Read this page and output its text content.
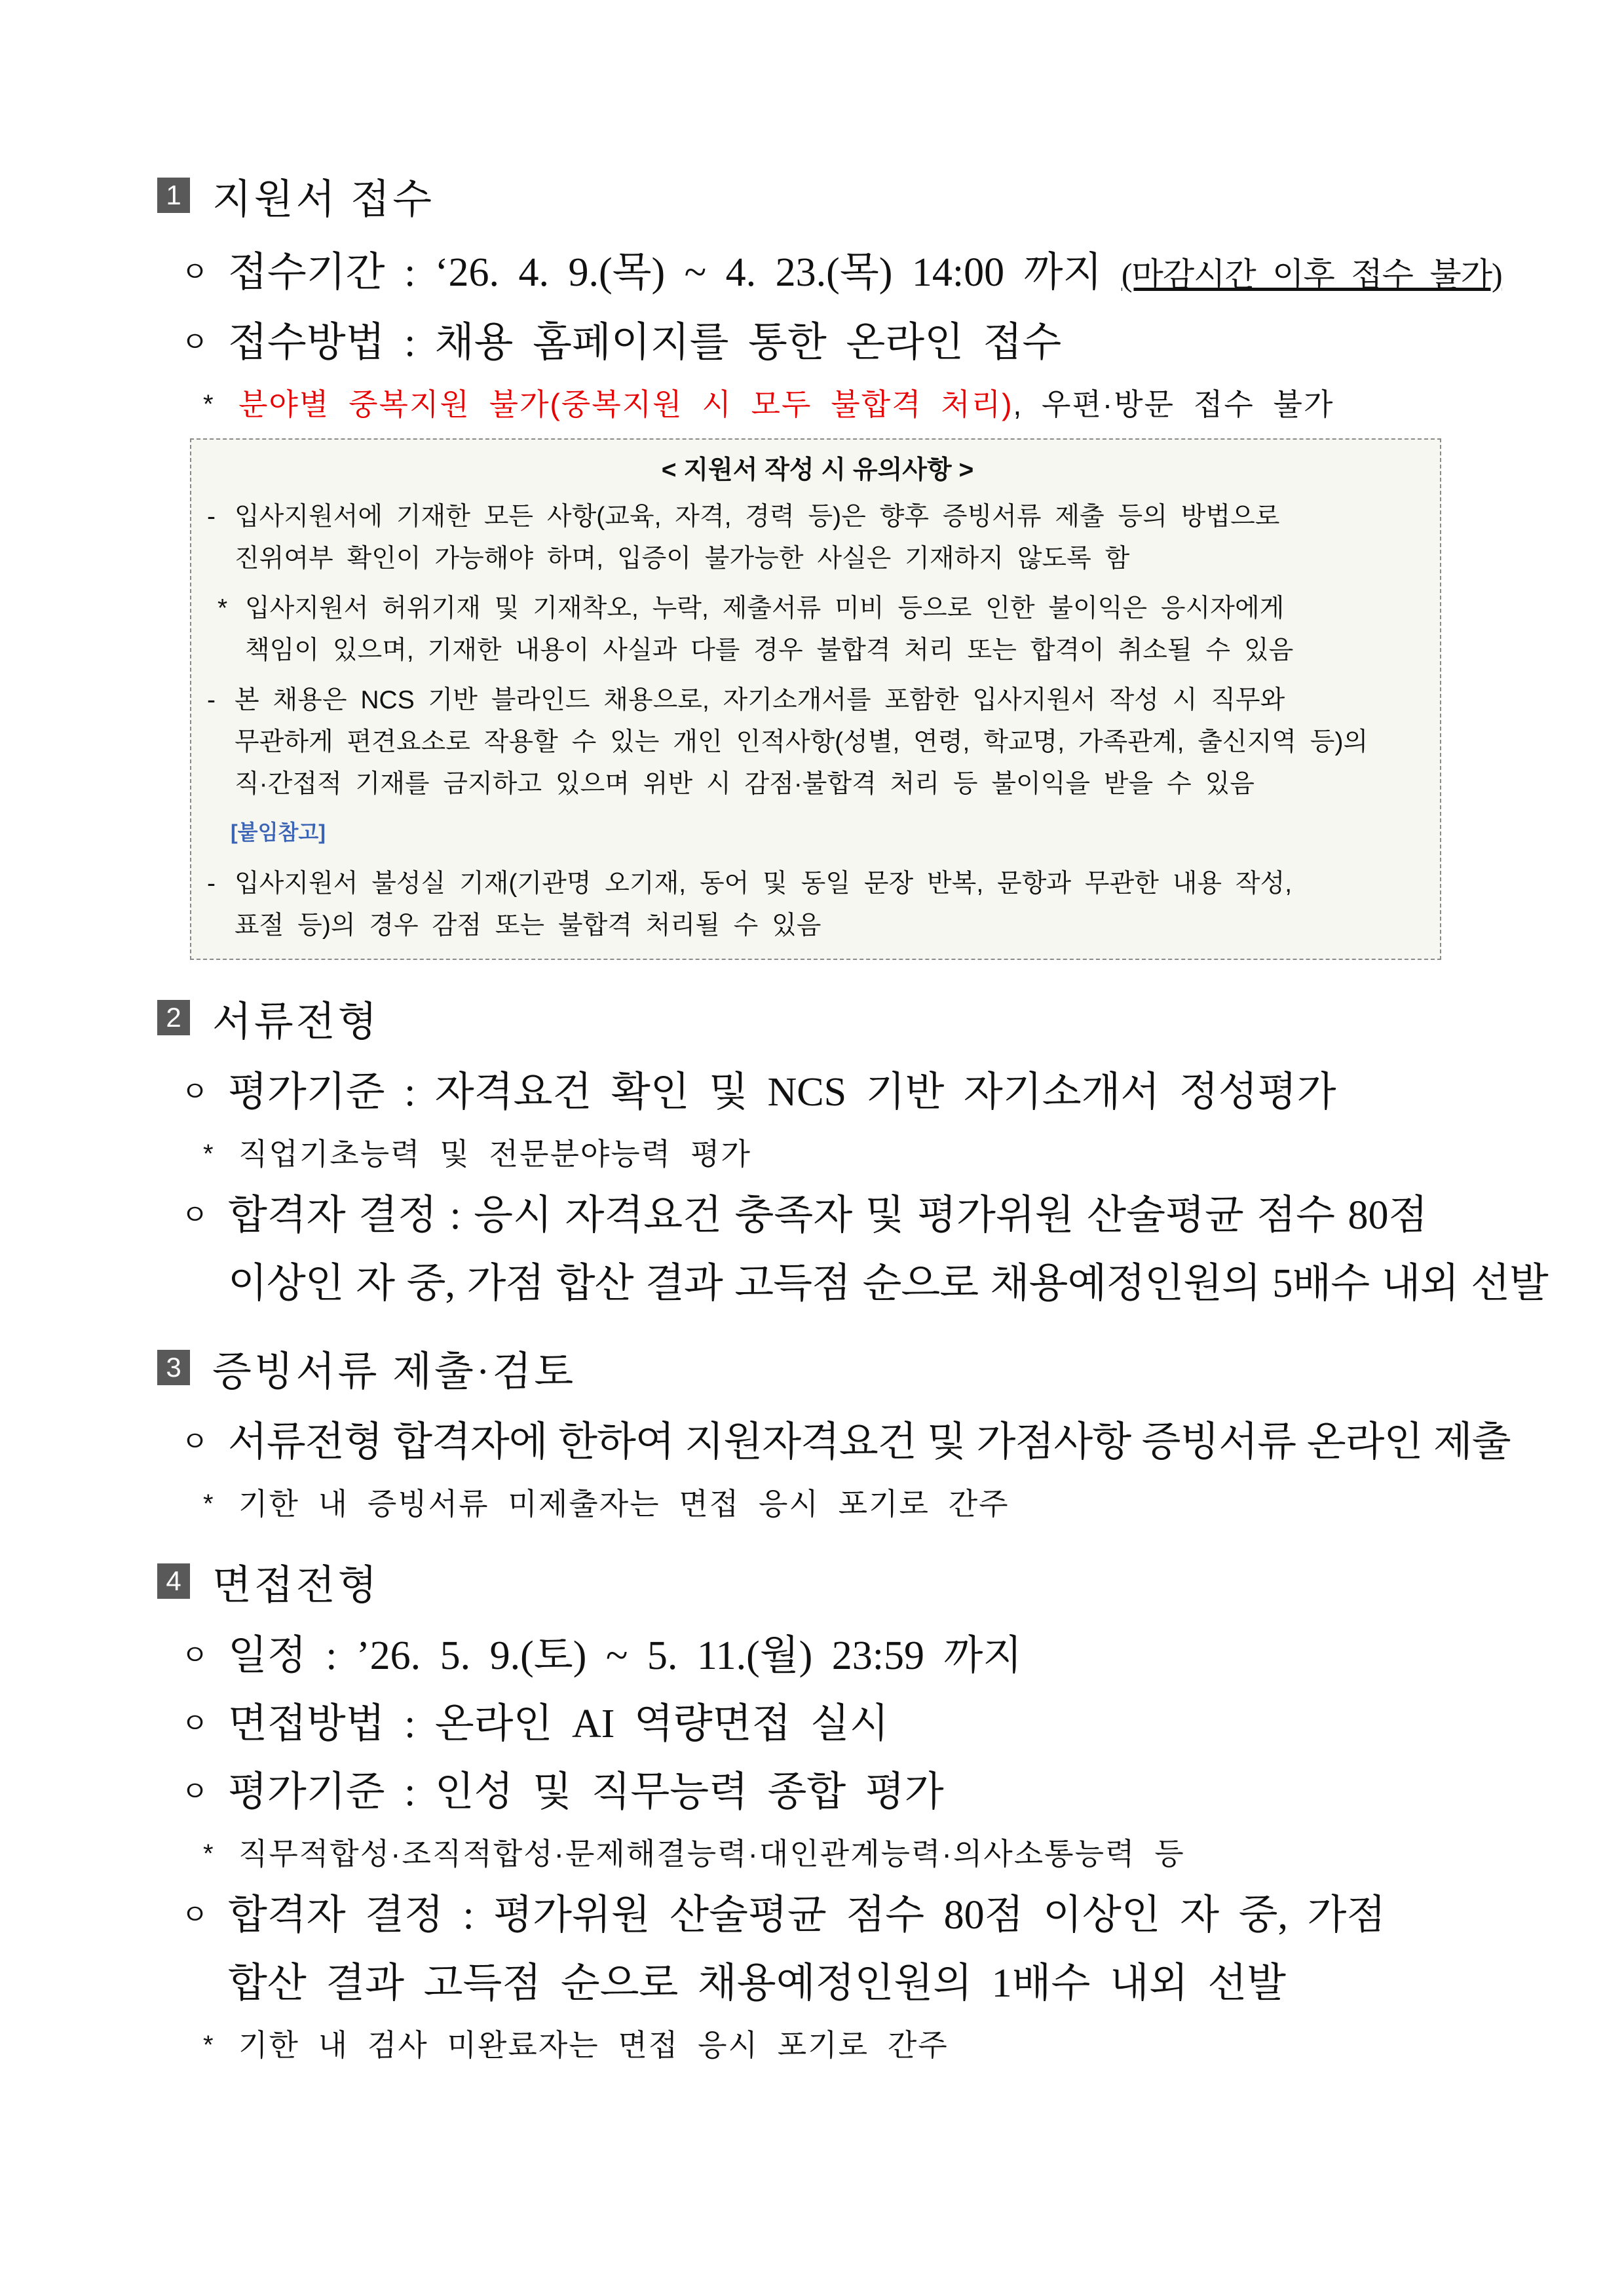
1 지원서 접수
ㅇ 접수기간 : ‘26. 4. 9.(목) ~ 4. 23.(목) 14:00 까지 (마감시간 이후 접수 불가)
ㅇ 접수방법 : 채용 홈페이지를 통한 온라인 접수
* 분야별 중복지원 불가(중복지원 시 모두 불합격 처리), 우편·방문 접수 불가
< 지원서 작성 시 유의사항 >
- 입사지원서에 기재한 모든 사항(교육, 자격, 경력 등)은 향후 증빙서류 제출 등의 방법으로
진위여부 확인이 가능해야 하며, 입증이 불가능한 사실은 기재하지 않도록 함
* 입사지원서 허위기재 및 기재착오, 누락, 제출서류 미비 등으로 인한 불이익은 응시자에게
책임이 있으며, 기재한 내용이 사실과 다를 경우 불합격 처리 또는 합격이 취소될 수 있음
- 본 채용은 NCS 기반 블라인드 채용으로, 자기소개서를 포함한 입사지원서 작성 시 직무와
무관하게 편견요소로 작용할 수 있는 개인 인적사항(성별, 연령, 학교명, 가족관계, 출신지역 등)의
직·간접적 기재를 금지하고 있으며 위반 시 감점·불합격 처리 등 불이익을 받을 수 있음
[붙임참고]
- 입사지원서 불성실 기재(기관명 오기재, 동어 및 동일 문장 반복, 문항과 무관한 내용 작성,
표절 등)의 경우 감점 또는 불합격 처리될 수 있음
2 서류전형
ㅇ 평가기준 : 자격요건 확인 및 NCS 기반 자기소개서 정성평가
* 직업기초능력 및 전문분야능력 평가
ㅇ 합격자 결정 : 응시 자격요건 충족자 및 평가위원 산술평균 점수 80점
이상인 자 중, 가점 합산 결과 고득점 순으로 채용예정인원의 5배수 내외 선발
3 증빙서류 제출·검토
ㅇ 서류전형 합격자에 한하여 지원자격요건 및 가점사항 증빙서류 온라인 제출
* 기한 내 증빙서류 미제출자는 면접 응시 포기로 간주
4 면접전형
ㅇ 일정 : ’26. 5. 9.(토) ~ 5. 11.(월) 23:59 까지
ㅇ 면접방법 : 온라인 AI 역량면접 실시
ㅇ 평가기준 : 인성 및 직무능력 종합 평가
* 직무적합성·조직적합성·문제해결능력·대인관계능력·의사소통능력 등
ㅇ 합격자 결정 : 평가위원 산술평균 점수 80점 이상인 자 중, 가점
합산 결과 고득점 순으로 채용예정인원의 1배수 내외 선발
* 기한 내 검사 미완료자는 면접 응시 포기로 간주
